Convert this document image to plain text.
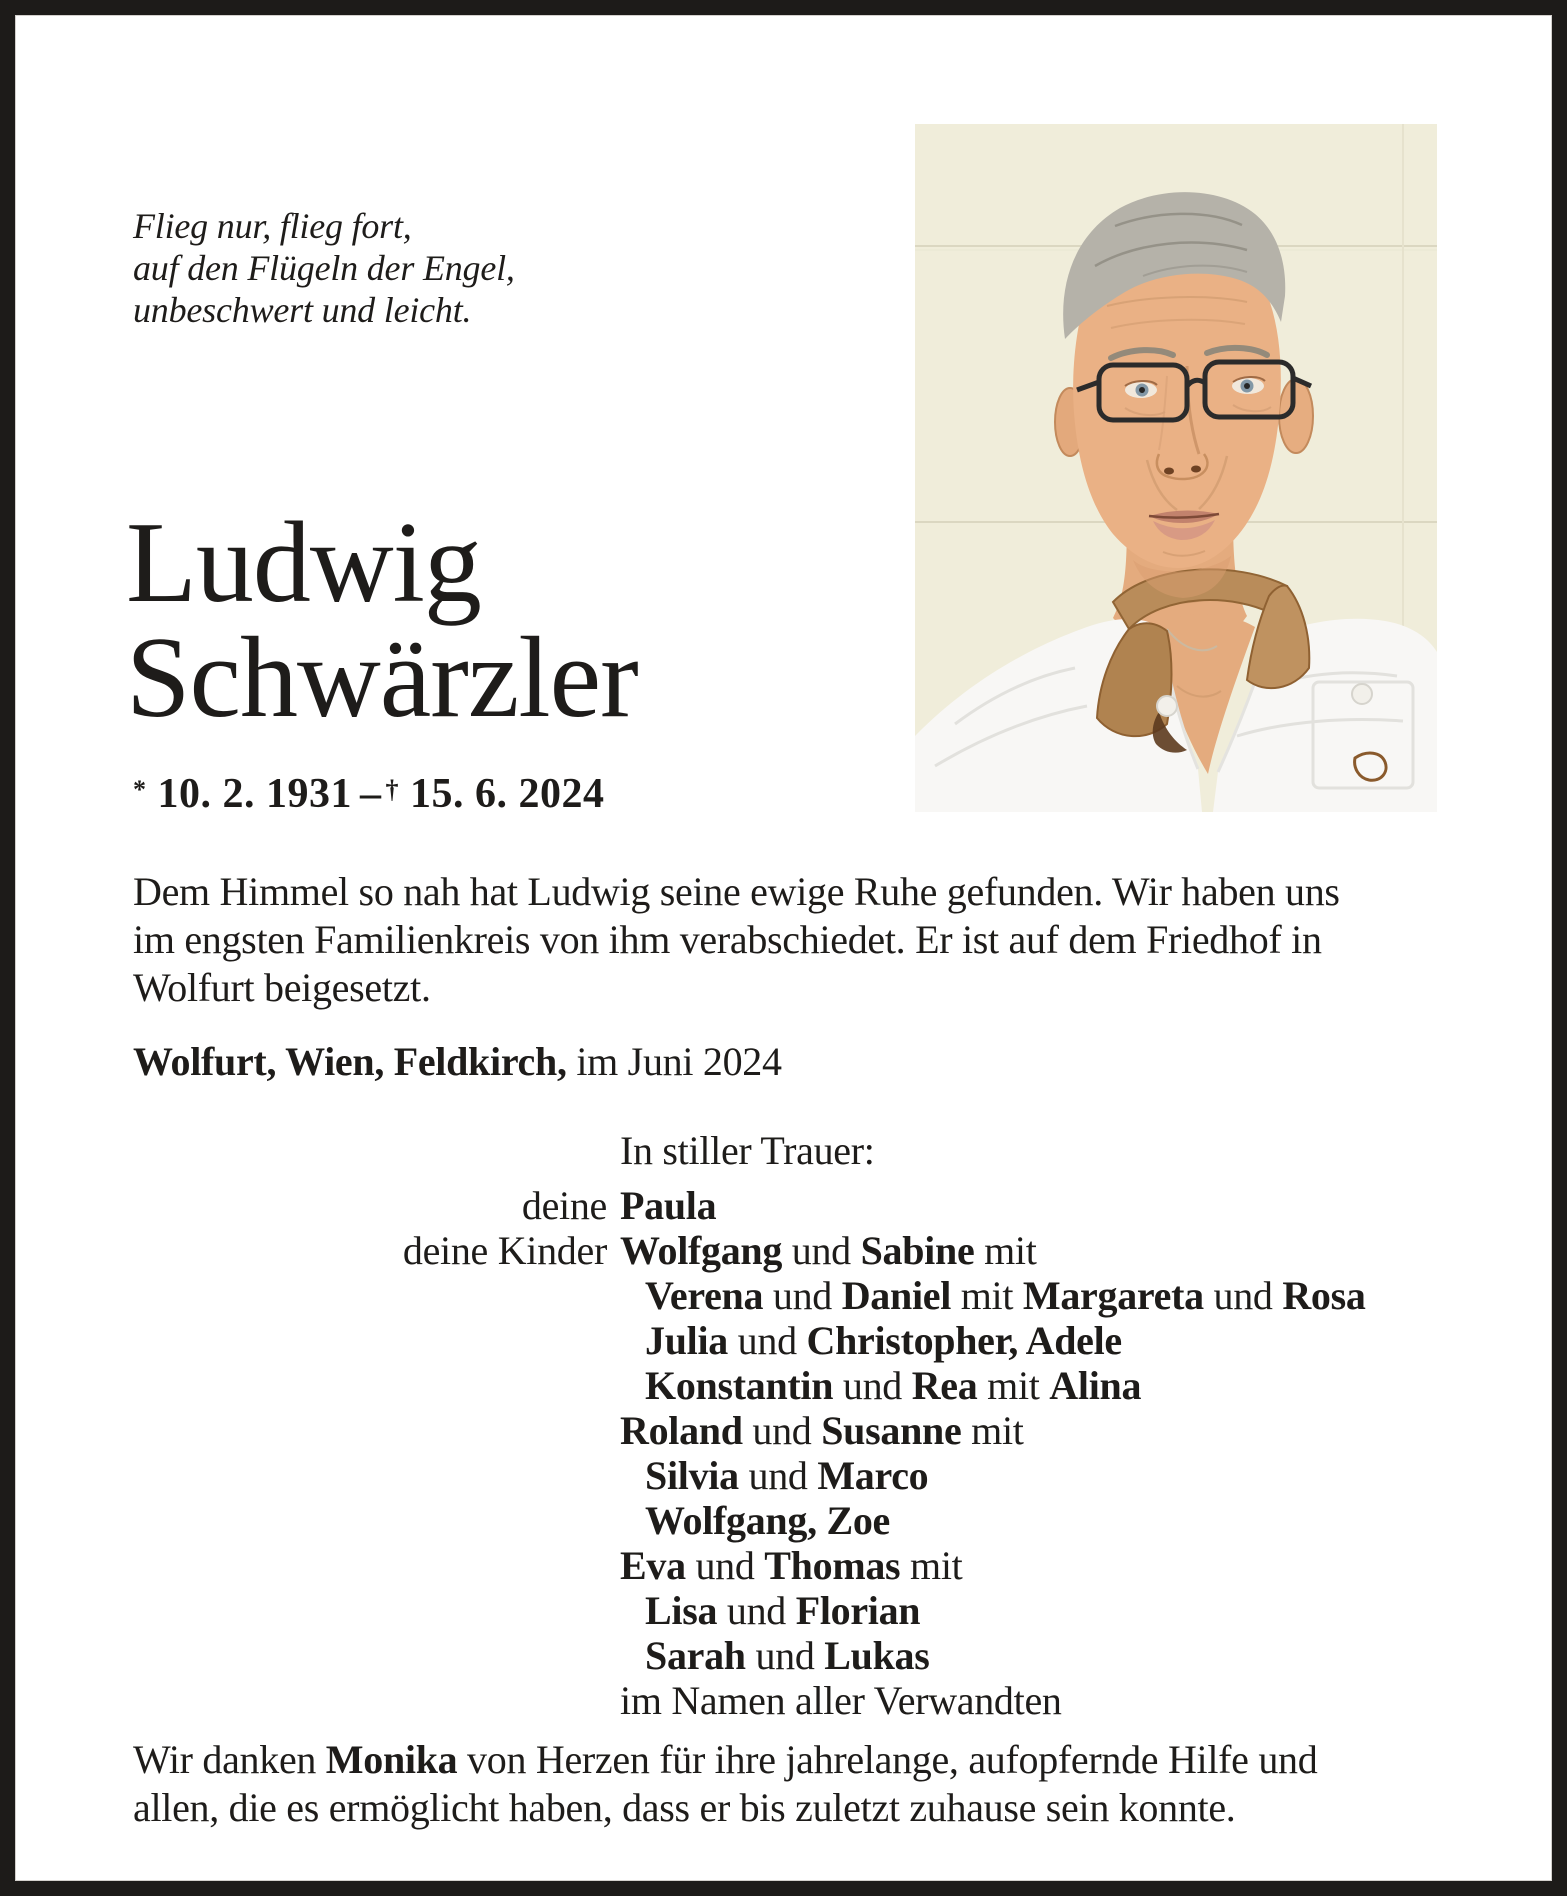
Flieg nur, flieg fort,
auf den Flügeln der Engel,
unbeschwert und leicht.
Ludwig
Schwärzler
* 10. 2. 1931 – † 15. 6. 2024
Dem Himmel so nah hat Ludwig seine ewige Ruhe gefunden. Wir haben uns
im engsten Familienkreis von ihm verabschiedet. Er ist auf dem Friedhof in
Wolfurt beigesetzt.
Wolfurt, Wien, Feldkirch, im Juni 2024
In stiller Trauer:
deine Paula
deine Kinder Wolfgang und Sabine mit
Verena und Daniel mit Margareta und Rosa
Julia und Christopher, Adele
Konstantin und Rea mit Alina
Roland und Susanne mit
Silvia und Marco
Wolfgang, Zoe
Eva und Thomas mit
Lisa und Florian
Sarah und Lukas
im Namen aller Verwandten
Wir danken Monika von Herzen für ihre jahrelange, aufopfernde Hilfe und
allen, die es ermöglicht haben, dass er bis zuletzt zuhause sein konnte.
